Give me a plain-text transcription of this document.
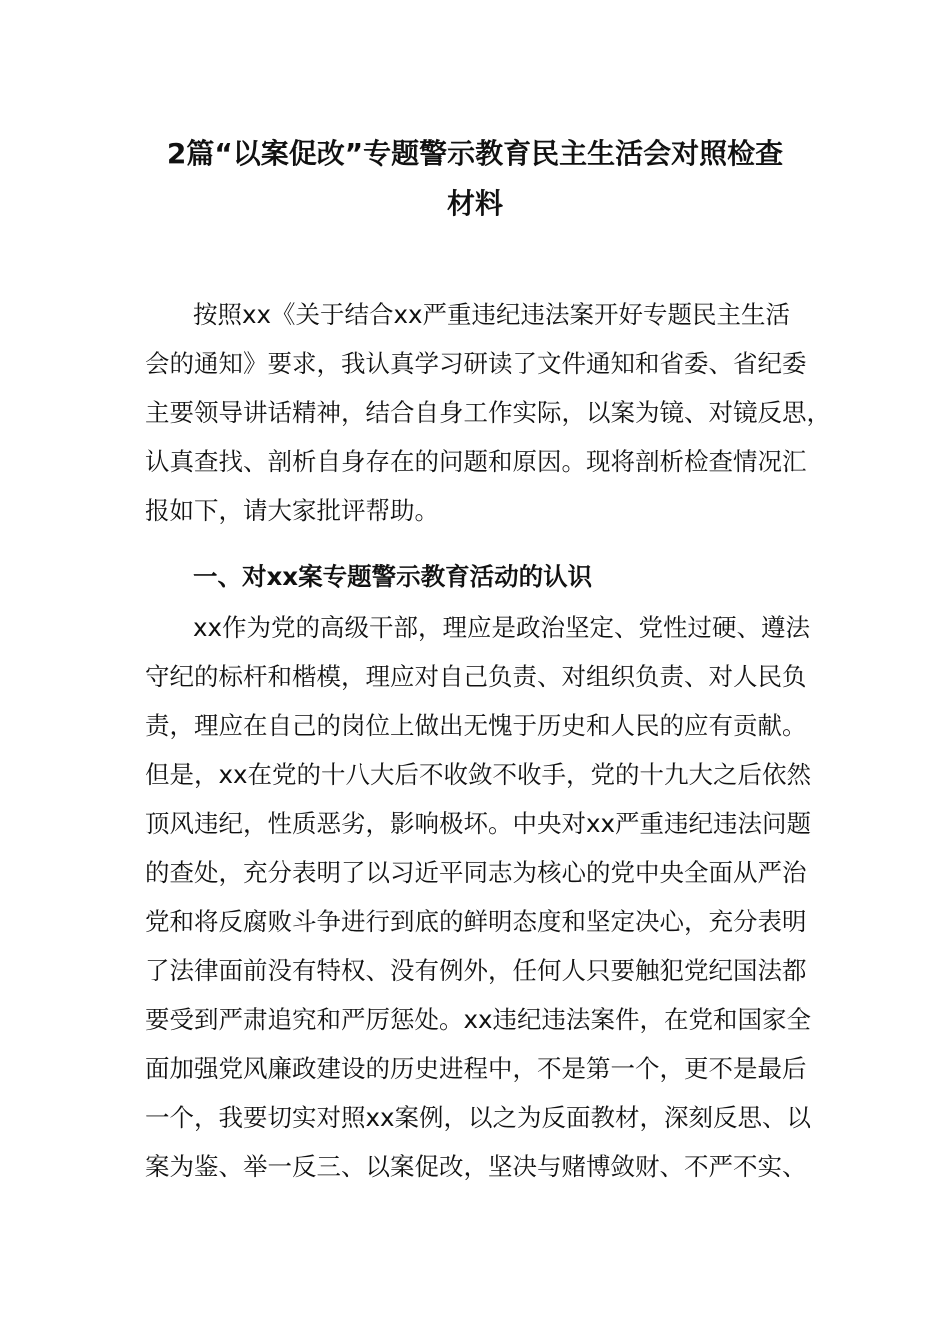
2篇“以案促改”专题警示教育民主生活会对照检查
材料
按照xx《关于结合xx严重违纪违法案开好专题民主生活
会的通知》要求，我认真学习研读了文件通知和省委、省纪委
主要领导讲话精神，结合自身工作实际，以案为镜、对镜反思，
认真查找、剖析自身存在的问题和原因。现将剖析检查情况汇
报如下，请大家批评帮助。
一、对xx案专题警示教育活动的认识
xx作为党的高级干部，理应是政治坚定、党性过硬、遵法
守纪的标杆和楷模，理应对自己负责、对组织负责、对人民负
责，理应在自己的岗位上做出无愧于历史和人民的应有贡献。
但是，xx在党的十八大后不收敛不收手，党的十九大之后依然
顶风违纪，性质恶劣，影响极坏。中央对xx严重违纪违法问题
的查处，充分表明了以习近平同志为核心的党中央全面从严治
党和将反腐败斗争进行到底的鲜明态度和坚定决心，充分表明
了法律面前没有特权、没有例外，任何人只要触犯党纪国法都
要受到严肃追究和严厉惩处。xx违纪违法案件，在党和国家全
面加强党风廉政建设的历史进程中，不是第一个，更不是最后
一个，我要切实对照xx案例，以之为反面教材，深刻反思、以
案为鉴、举一反三、以案促改，坚决与赌博敛财、不严不实、
